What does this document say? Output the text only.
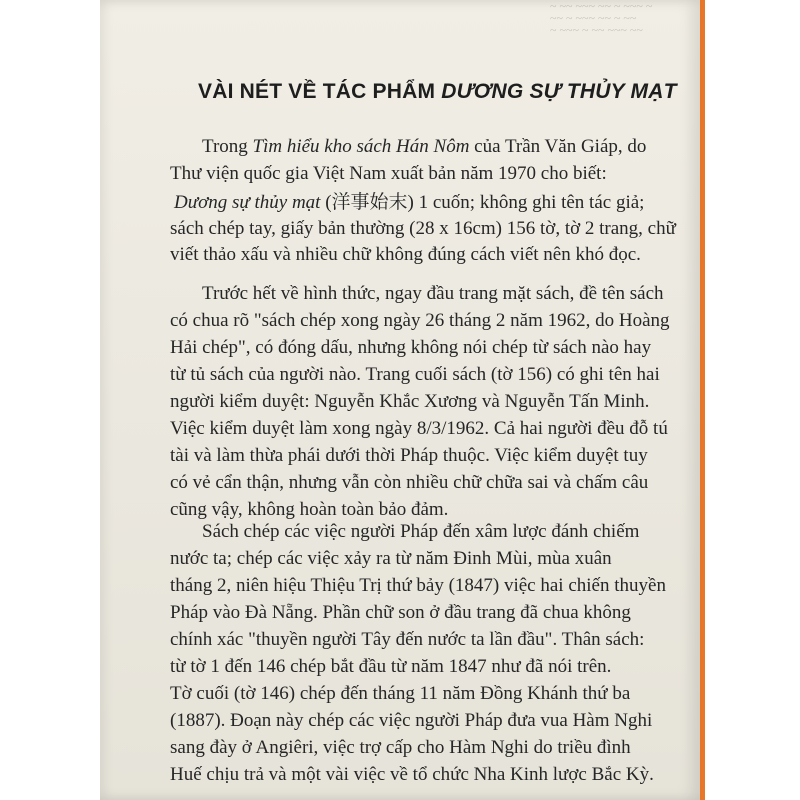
~ ~~ ~~~ ~~ ~ ~~~ ~
~~ ~ ~~~ ~~ ~ ~~
~ ~~~ ~ ~~ ~~~ ~~
VÀI NÉT VỀ TÁC PHẨM DƯƠNG SỰ THỦY MẠT
Trong Tìm hiểu kho sách Hán Nôm của Trần Văn Giáp, do
Thư viện quốc gia Việt Nam xuất bản năm 1970 cho biết:
Dương sự thủy mạt (洋事始末) 1 cuốn; không ghi tên tác giả;
sách chép tay, giấy bản thường (28 x 16cm) 156 tờ, tờ 2 trang, chữ
viết thảo xấu và nhiều chữ không đúng cách viết nên khó đọc.
Trước hết về hình thức, ngay đầu trang mặt sách, đề tên sách
có chua rõ "sách chép xong ngày 26 tháng 2 năm 1962, do Hoàng
Hải chép", có đóng dấu, nhưng không nói chép từ sách nào hay
từ tủ sách của người nào. Trang cuối sách (tờ 156) có ghi tên hai
người kiểm duyệt: Nguyễn Khắc Xương và Nguyễn Tấn Minh.
Việc kiểm duyệt làm xong ngày 8/3/1962. Cả hai người đều đỗ tú
tài và làm thừa phái dưới thời Pháp thuộc. Việc kiểm duyệt tuy
có vẻ cẩn thận, nhưng vẫn còn nhiều chữ chữa sai và chấm câu
cũng vậy, không hoàn toàn bảo đảm.
Sách chép các việc người Pháp đến xâm lược đánh chiếm
nước ta; chép các việc xảy ra từ năm Đinh Mùi, mùa xuân
tháng 2, niên hiệu Thiệu Trị thứ bảy (1847) việc hai chiến thuyền
Pháp vào Đà Nẵng. Phần chữ son ở đầu trang đã chua không
chính xác "thuyền người Tây đến nước ta lần đầu". Thân sách:
từ tờ 1 đến 146 chép bắt đầu từ năm 1847 như đã nói trên.
Tờ cuối (tờ 146) chép đến tháng 11 năm Đồng Khánh thứ ba
(1887). Đoạn này chép các việc người Pháp đưa vua Hàm Nghi
sang đày ở Angiêri, việc trợ cấp cho Hàm Nghi do triều đình
Huế chịu trả và một vài việc về tổ chức Nha Kinh lược Bắc Kỳ.
